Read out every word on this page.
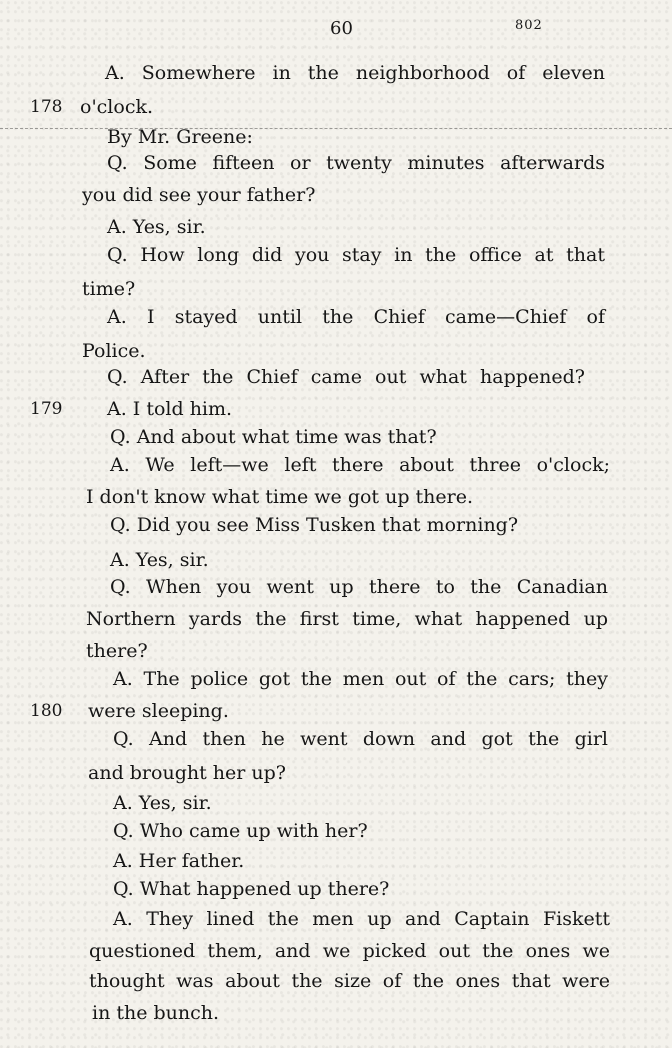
60	802
A. Somewhere in the neighborhood of eleven
178 o'clock.
By Mr. Greene:
Q. Some fifteen or twenty minutes afterwards
you did see your father?
A. Yes, sir.
Q. How long did you stay in the office at that
time?
A. I stayed until the Chief came—Chief of
Police.
Q. After the Chief came out what happened?
179 A. I told him.
Q. And about what time was that?
A. We left—we left there about three o'clock;
I don't know what time we got up there.
Q. Did you see Miss Tusken that morning?
A. Yes, sir.
Q. When you went up there to the Canadian
Northern yards the first time, what happened up
there?
A. The police got the men out of the cars; they
180 were sleeping.
Q. And then he went down and got the girl
and brought her up?
A. Yes, sir.
Q. Who came up with her?
A. Her father.
Q. What happened up there?
A. They lined the men up and Captain Fiskett
questioned them, and we picked out the ones we
thought was about the size of the ones that were
in the bunch.
